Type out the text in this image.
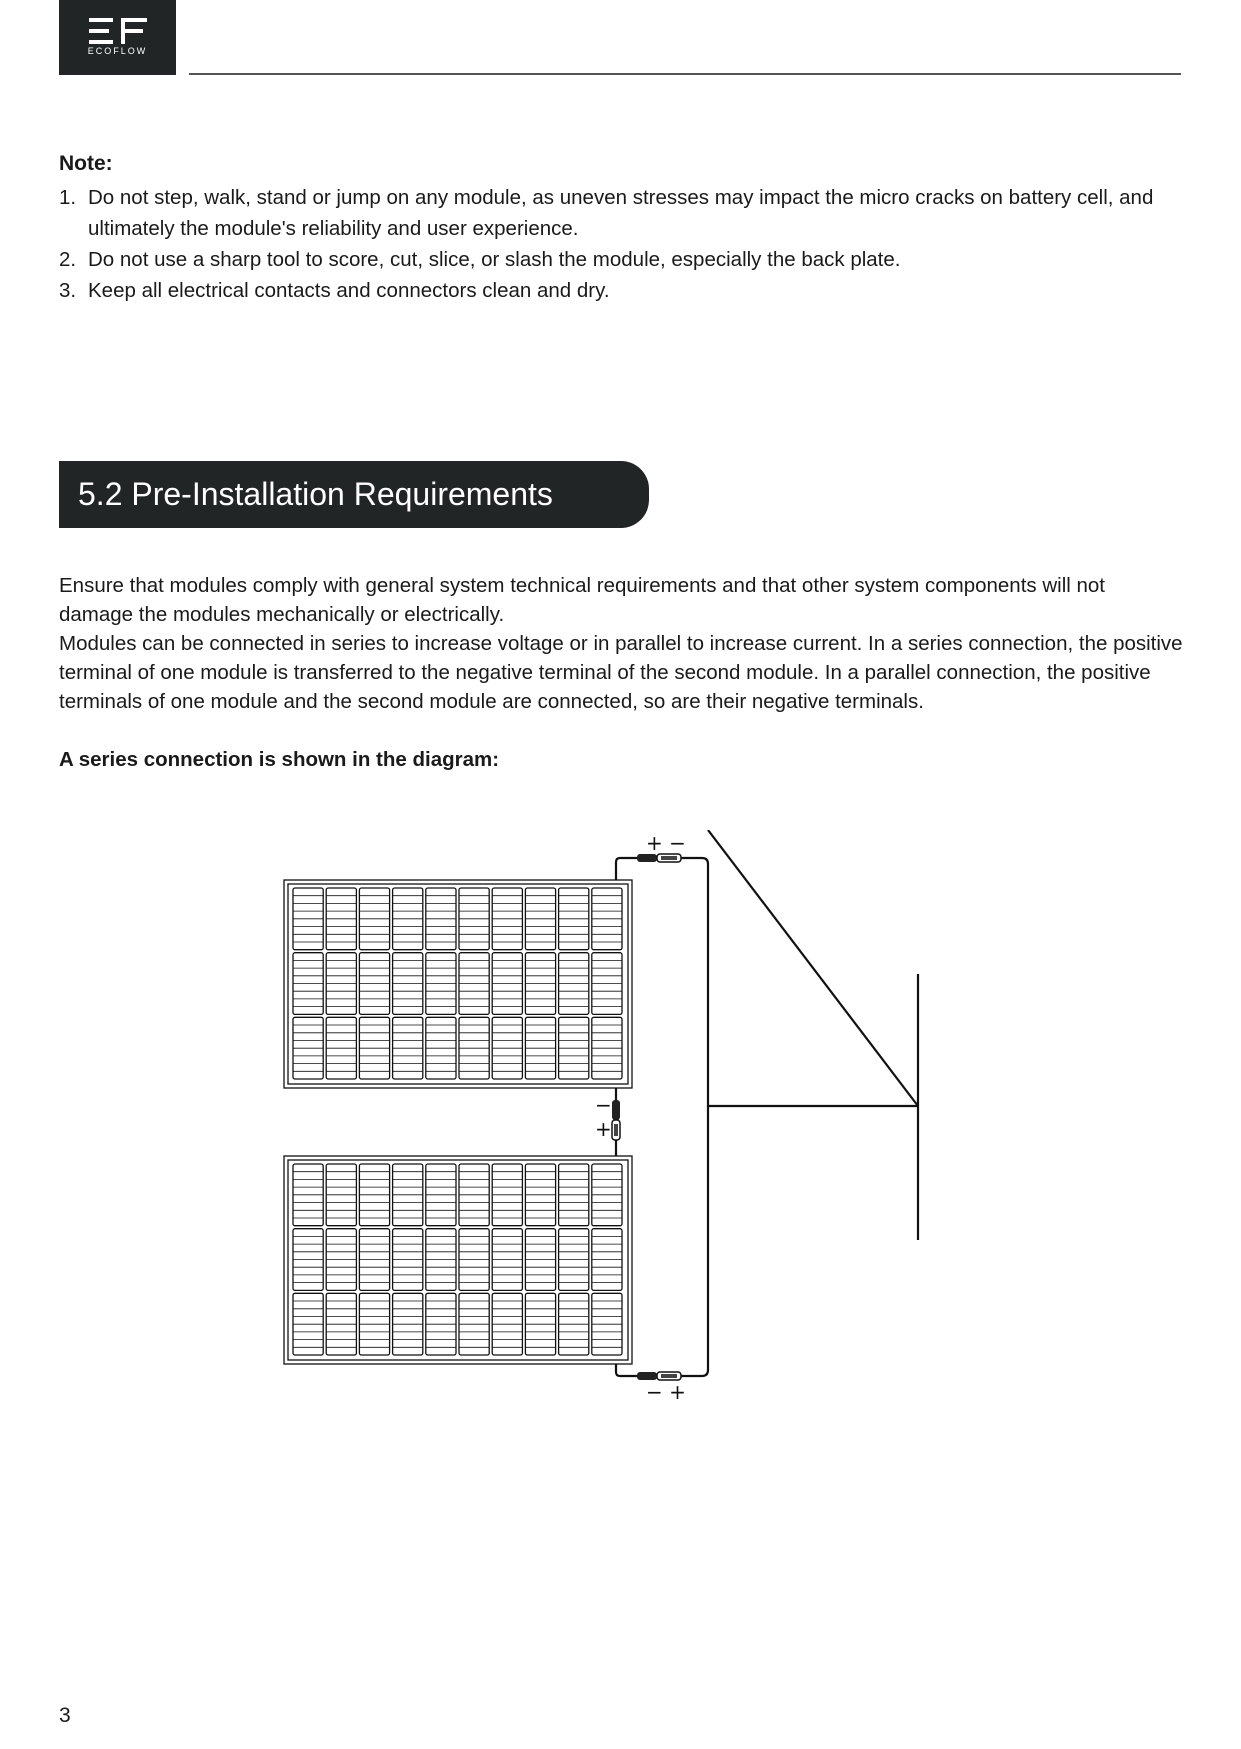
ECOFLOW
Note:
1. Do not step, walk, stand or jump on any module, as uneven stresses may impact the micro cracks on battery cell, and ultimately the module's reliability and user experience.
2. Do not use a sharp tool to score, cut, slice, or slash the module, especially the back plate.
3. Keep all electrical contacts and connectors clean and dry.
5.2 Pre-Installation Requirements

Ensure that modules comply with general system technical requirements and that other system components will not damage the modules mechanically or electrically.

Modules can be connected in series to increase voltage or in parallel to increase current. In a series connection, the positive terminal of one module is transferred to the negative terminal of the second module. In a parallel connection, the positive terminals of one module and the second module are connected, so are their negative terminals.

A series connection is shown in the diagram:
+ −
−
+
− +
3
